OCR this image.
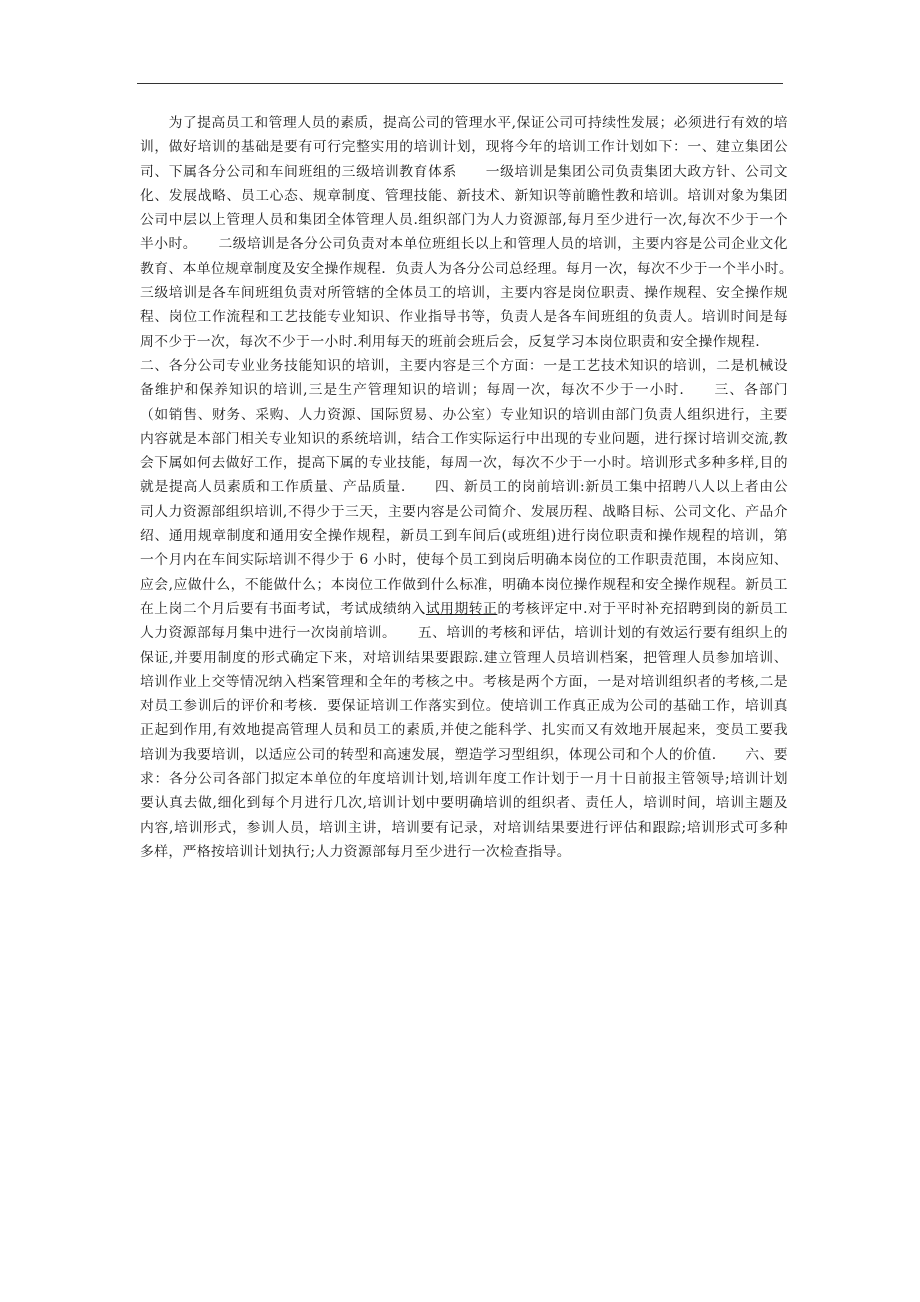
　　为了提高员工和管理人员的素质，提高公司的管理水平,保证公司可持续性发展；必须进行有效的培训，做好培训的基础是要有可行完整实用的培训计划，现将今年的培训工作计划如下：一、建立集团公司、下属各分公司和车间班组的三级培训教育体系　　一级培训是集团公司负责集团大政方针、公司文化、发展战略、员工心态、规章制度、管理技能、新技术、新知识等前瞻性教和培训。培训对象为集团公司中层以上管理人员和集团全体管理人员.组织部门为人力资源部,每月至少进行一次,每次不少于一个半小时。　　二级培训是各分公司负责对本单位班组长以上和管理人员的培训，主要内容是公司企业文化教育、本单位规章制度及安全操作规程．负责人为各分公司总经理。每月一次，每次不少于一个半小时。　　三级培训是各车间班组负责对所管辖的全体员工的培训，主要内容是岗位职责、操作规程、安全操作规程、岗位工作流程和工艺技能专业知识、作业指导书等，负责人是各车间班组的负责人。培训时间是每周不少于一次，每次不少于一小时.利用每天的班前会班后会，反复学习本岗位职责和安全操作规程.　　二、各分公司专业业务技能知识的培训，主要内容是三个方面：一是工艺技术知识的培训，二是机械设备维护和保养知识的培训,三是生产管理知识的培训；每周一次，每次不少于一小时.　　三、各部门（如销售、财务、采购、人力资源、国际贸易、办公室）专业知识的培训由部门负责人组织进行，主要内容就是本部门相关专业知识的系统培训，结合工作实际运行中出现的专业问题，进行探讨培训交流,教会下属如何去做好工作，提高下属的专业技能，每周一次，每次不少于一小时。培训形式多种多样,目的就是提高人员素质和工作质量、产品质量.　　四、新员工的岗前培训:新员工集中招聘八人以上者由公司人力资源部组织培训,不得少于三天，主要内容是公司简介、发展历程、战略目标、公司文化、产品介绍、通用规章制度和通用安全操作规程，新员工到车间后(或班组)进行岗位职责和操作规程的培训，第一个月内在车间实际培训不得少于 6 小时，使每个员工到岗后明确本岗位的工作职责范围，本岗应知、应会,应做什么，不能做什么；本岗位工作做到什么标准，明确本岗位操作规程和安全操作规程。新员工在上岗二个月后要有书面考试，考试成绩纳入试用期转正的考核评定中.对于平时补充招聘到岗的新员工人力资源部每月集中进行一次岗前培训。　　五、培训的考核和评估，培训计划的有效运行要有组织上的保证,并要用制度的形式确定下来，对培训结果要跟踪.建立管理人员培训档案，把管理人员参加培训、培训作业上交等情况纳入档案管理和全年的考核之中。考核是两个方面，一是对培训组织者的考核,二是对员工参训后的评价和考核．要保证培训工作落实到位。使培训工作真正成为公司的基础工作，培训真正起到作用,有效地提高管理人员和员工的素质,并使之能科学、扎实而又有效地开展起来，变员工要我培训为我要培训，以适应公司的转型和高速发展，塑造学习型组织，体现公司和个人的价值.　　六、要求：各分公司各部门拟定本单位的年度培训计划,培训年度工作计划于一月十日前报主管领导;培训计划要认真去做,细化到每个月进行几次,培训计划中要明确培训的组织者、责任人，培训时间，培训主题及内容,培训形式，参训人员，培训主讲，培训要有记录，对培训结果要进行评估和跟踪;培训形式可多种多样，严格按培训计划执行;人力资源部每月至少进行一次检查指导。
